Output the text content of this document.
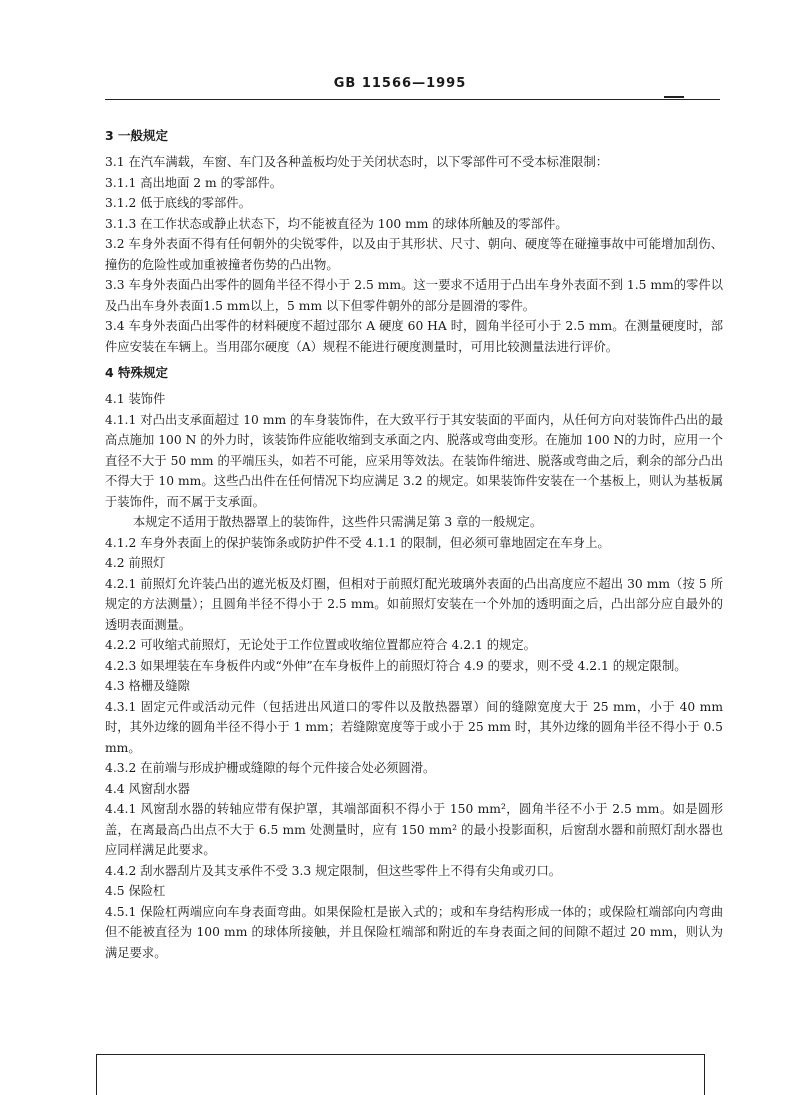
GB 11566—1995

3 一般规定

3.1 在汽车满载，车窗、车门及各种盖板均处于关闭状态时，以下零部件可不受本标准限制：

3.1.1 高出地面 2 m 的零部件。

3.1.2 低于底线的零部件。

3.1.3 在工作状态或静止状态下，均不能被直径为 100 mm 的球体所触及的零部件。

3.2 车身外表面不得有任何朝外的尖锐零件，以及由于其形状、尺寸、朝向、硬度等在碰撞事故中可能增加刮伤、撞伤的危险性或加重被撞者伤势的凸出物。

3.3 车身外表面凸出零件的圆角半径不得小于 2.5 mm。这一要求不适用于凸出车身外表面不到 1.5 mm的零件以及凸出车身外表面1.5 mm以上，5 mm 以下但零件朝外的部分是圆滑的零件。

3.4 车身外表面凸出零件的材料硬度不超过邵尔 A 硬度 60 HA 时，圆角半径可小于 2.5 mm。在测量硬度时，部件应安装在车辆上。当用邵尔硬度（A）规程不能进行硬度测量时，可用比较测量法进行评价。

4 特殊规定

4.1 装饰件

4.1.1 对凸出支承面超过 10 mm 的车身装饰件，在大致平行于其安装面的平面内，从任何方向对装饰件凸出的最高点施加 100 N 的外力时，该装饰件应能收缩到支承面之内、脱落或弯曲变形。在施加 100 N的力时，应用一个直径不大于 50 mm 的平端压头，如若不可能，应采用等效法。在装饰件缩进、脱落或弯曲之后，剩余的部分凸出不得大于 10 mm。这些凸出件在任何情况下均应满足 3.2 的规定。如果装饰件安装在一个基板上，则认为基板属于装饰件，而不属于支承面。

本规定不适用于散热器罩上的装饰件，这些件只需满足第 3 章的一般规定。

4.1.2 车身外表面上的保护装饰条或防护件不受 4.1.1 的限制，但必须可靠地固定在车身上。

4.2 前照灯

4.2.1 前照灯允许装凸出的遮光板及灯圈，但相对于前照灯配光玻璃外表面的凸出高度应不超出 30 mm（按 5 所规定的方法测量）；且圆角半径不得小于 2.5 mm。如前照灯安装在一个外加的透明面之后，凸出部分应自最外的透明表面测量。

4.2.2 可收缩式前照灯，无论处于工作位置或收缩位置都应符合 4.2.1 的规定。

4.2.3 如果埋装在车身板件内或“外伸”在车身板件上的前照灯符合 4.9 的要求，则不受 4.2.1 的规定限制。

4.3 格栅及缝隙

4.3.1 固定元件或活动元件（包括进出风道口的零件以及散热器罩）间的缝隙宽度大于 25 mm，小于 40 mm 时，其外边缘的圆角半径不得小于 1 mm；若缝隙宽度等于或小于 25 mm 时，其外边缘的圆角半径不得小于 0.5 mm。

4.3.2 在前端与形成护栅或缝隙的每个元件接合处必须圆滑。

4.4 风窗刮水器

4.4.1 风窗刮水器的转轴应带有保护罩，其端部面积不得小于 150 mm²，圆角半径不小于 2.5 mm。如是圆形盖，在离最高凸出点不大于 6.5 mm 处测量时，应有 150 mm² 的最小投影面积，后窗刮水器和前照灯刮水器也应同样满足此要求。

4.4.2 刮水器刮片及其支承件不受 3.3 规定限制，但这些零件上不得有尖角或刃口。

4.5 保险杠

4.5.1 保险杠两端应向车身表面弯曲。如果保险杠是嵌入式的；或和车身结构形成一体的；或保险杠端部向内弯曲但不能被直径为 100 mm 的球体所接触，并且保险杠端部和附近的车身表面之间的间隙不超过 20 mm，则认为满足要求。
